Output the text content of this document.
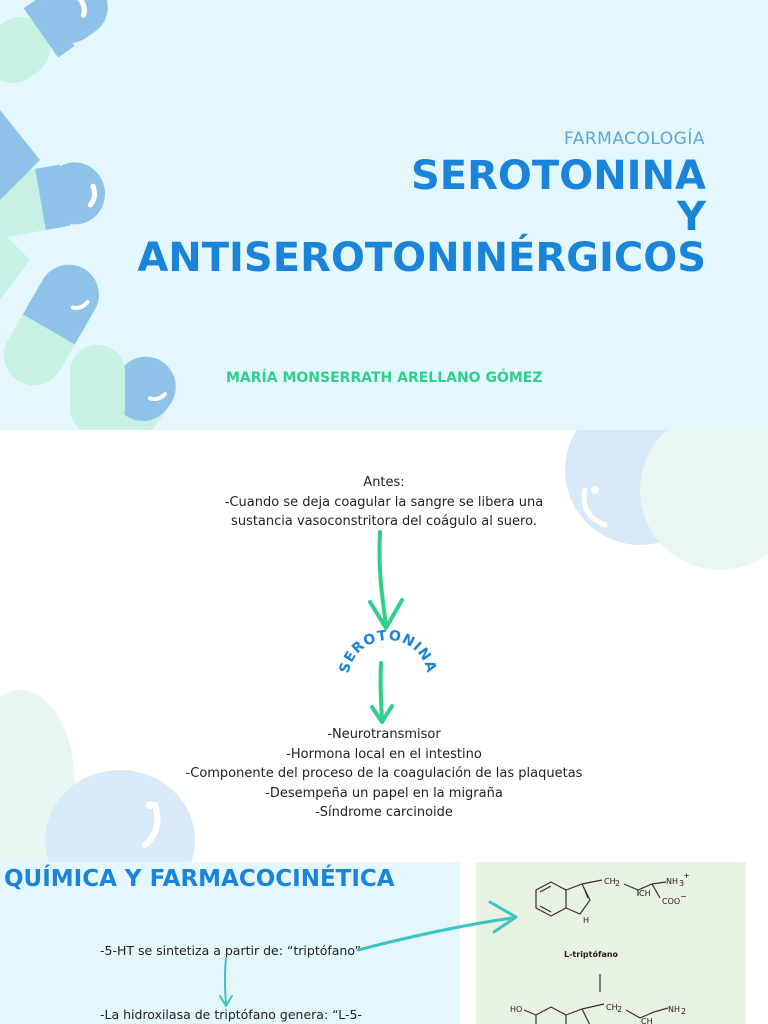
FARMACOLOGÍA
SEROTONINA
Y
ANTISEROTONINÉRGICOS
MARÍA MONSERRATH ARELLANO GÓMEZ
SEROTONINA
Antes:
-Cuando se deja coagular la sangre se libera una
sustancia vasoconstritora del coágulo al suero.
-Neurotransmisor
-Hormona local en el intestino
-Componente del proceso de la coagulación de las plaquetas
-Desempeña un papel en la migraña
-Síndrome carcinoide
QUÍMICA Y FARMACOCINÉTICA
-5-HT se sintetiza a partir de: “triptófano”
-La hidroxilasa de triptófano genera: “L-5-
CH 2
CH
NH 3
+
COO
−
H
L-triptófano
HO	CH 2	NH 2
CH
